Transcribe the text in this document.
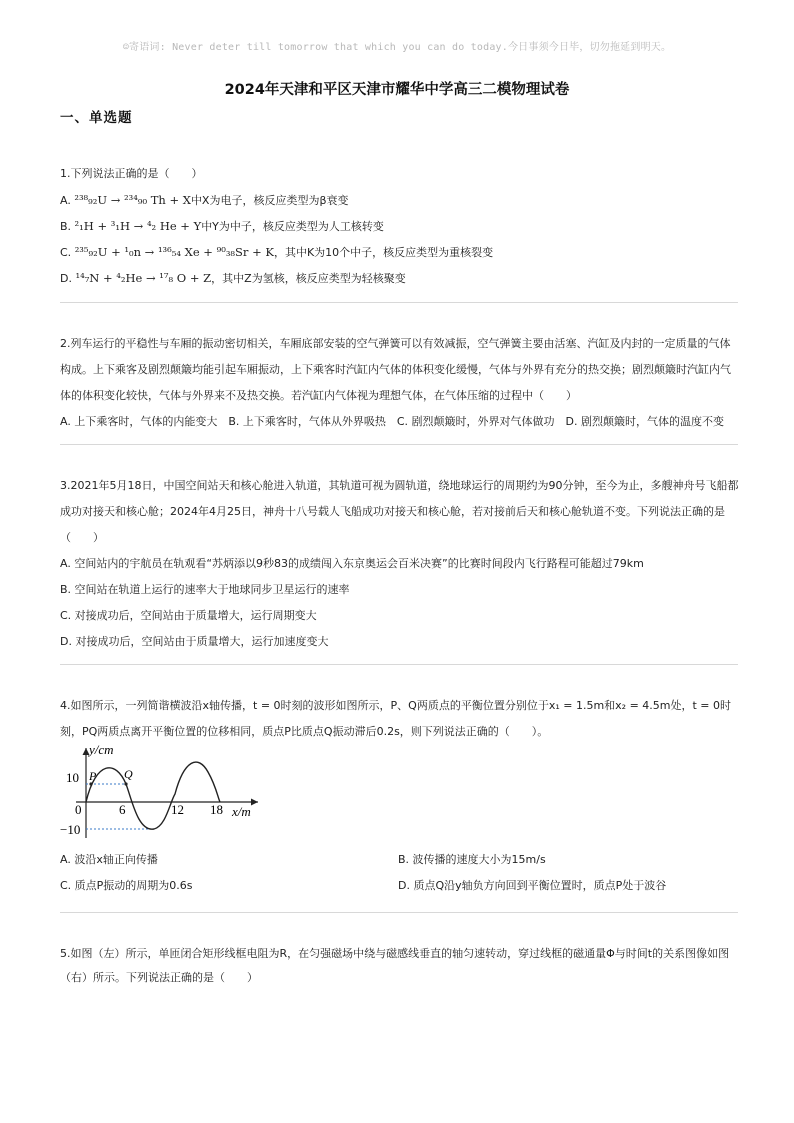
☺寄语词: Never deter till tomorrow that which you can do today.今日事须今日毕，切勿拖延到明天。
2024年天津和平区天津市耀华中学高三二模物理试卷
一、单选题
1.下列说法正确的是（　　）
A. ²³⁸₉₂U → ²³⁴₉₀ Th + X中X为电子，核反应类型为β衰变
B. ²₁H + ³₁H → ⁴₂ He + Y中Y为中子，核反应类型为人工核转变
C. ²³⁵₉₂U + ¹₀n → ¹³⁶₅₄ Xe + ⁹⁰₃₈Sr + K，其中K为10个中子，核反应类型为重核裂变
D. ¹⁴₇N + ⁴₂He → ¹⁷₈ O + Z，其中Z为氢核，核反应类型为轻核聚变
2.列车运行的平稳性与车厢的振动密切相关，车厢底部安装的空气弹簧可以有效减振，空气弹簧主要由活塞、汽缸及内封的一定质量的气体
构成。上下乘客及剧烈颠簸均能引起车厢振动，上下乘客时汽缸内气体的体积变化缓慢，气体与外界有充分的热交换；剧烈颠簸时汽缸内气
体的体积变化较快，气体与外界来不及热交换。若汽缸内气体视为理想气体，在气体压缩的过程中（　　）
A. 上下乘客时，气体的内能变大　B. 上下乘客时，气体从外界吸热　C. 剧烈颠簸时，外界对气体做功　D. 剧烈颠簸时，气体的温度不变
3.2021年5月18日，中国空间站天和核心舱进入轨道，其轨道可视为圆轨道，绕地球运行的周期约为90分钟，至今为止，多艘神舟号飞船都
成功对接天和核心舱；2024年4月25日，神舟十八号载人飞船成功对接天和核心舱，若对接前后天和核心舱轨道不变。下列说法正确的是
（　　）
A. 空间站内的宇航员在轨观看“苏炳添以9秒83的成绩闯入东京奥运会百米决赛”的比赛时间段内飞行路程可能超过79km
B. 空间站在轨道上运行的速率大于地球同步卫星运行的速率
C. 对接成功后，空间站由于质量增大，运行周期变大
D. 对接成功后，空间站由于质量增大，运行加速度变大
4.如图所示，一列简谐横波沿x轴传播，t = 0时刻的波形如图所示，P、Q两质点的平衡位置分别位于x₁ = 1.5m和x₂ = 4.5m处，t = 0时
刻，PQ两质点离开平衡位置的位移相同，质点P比质点Q振动滞后0.2s，则下列说法正确的（　　）。
y/cm
x/m
10
−10
0	6	12 18
P Q
A. 波沿x轴正向传播	B. 波传播的速度大小为15m/s
C. 质点P振动的周期为0.6s	D. 质点Q沿y轴负方向回到平衡位置时，质点P处于波谷
5.如图（左）所示，单匝闭合矩形线框电阻为R，在匀强磁场中绕与磁感线垂直的轴匀速转动，穿过线框的磁通量Φ与时间t的关系图像如图
（右）所示。下列说法正确的是（　　）
